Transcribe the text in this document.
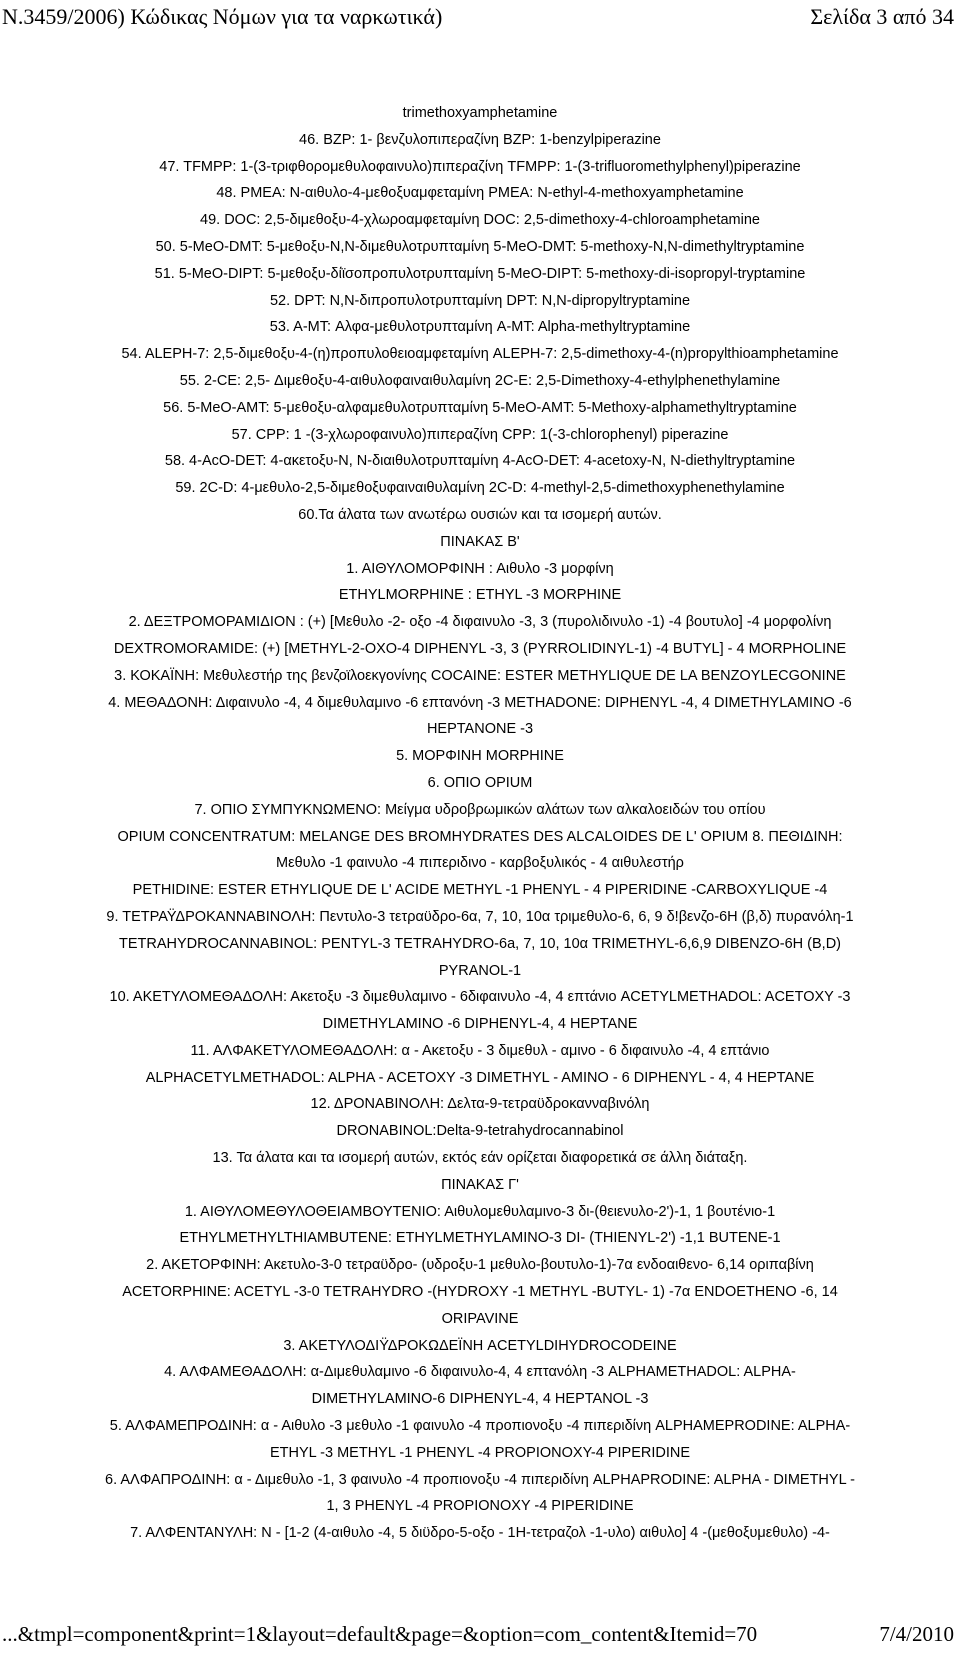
Ν.3459/2006) Κώδικας Νόμων για τα ναρκωτικά)	Σελίδα 3 από 34

trimethoxyamphetamine

46. BZP: 1- βενζυλοπιπεραζίνη BZP: 1-benzylpiperazine

47. TFMPP: 1-(3-τριφθορομεθυλοφαινυλο)πιπεραζίνη TFMPP: 1-(3-trifluoromethylphenyl)piperazine

48. PMEA: N-αιθυλο-4-μεθοξυαμφεταμίνη PMEA: N-ethyl-4-methoxyamphetamine

49. DOC: 2,5-διμεθοξυ-4-χλωροαμφεταμίνη DOC: 2,5-dimethoxy-4-chloroamphetamine

50. 5-MeO-DMT: 5-μεθοξυ-N,N-διμεθυλοτρυπταμίνη 5-MeO-DMT: 5-methoxy-N,N-dimethyltryptamine

51. 5-MeO-DIPT: 5-μεθοξυ-δίϊσοπροπυλοτρυπταμίνη 5-MeO-DIPT: 5-methoxy-di-isopropyl-tryptamine

52. DPT: N,N-διπροπυλοτρυπταμίνη DPT: N,N-dipropyltryptamine

53. A-MT: Αλφα-μεθυλοτρυπταμίνη A-MT: Alpha-methyltryptamine

54. ALEPH-7: 2,5-διμεθοξυ-4-(η)προπυλοθειοαμφεταμίνη ALEPH-7: 2,5-dimethoxy-4-(n)propylthioamphetamine

55. 2-CE: 2,5- Διμεθοξυ-4-αιθυλοφαιναιθυλαμίνη 2C-E: 2,5-Dimethoxy-4-ethylphenethylamine

56. 5-MeO-AMT: 5-μεθοξυ-αλφαμεθυλοτρυπταμίνη 5-MeO-AMT: 5-Methoxy-alphamethyltryptamine

57. CPP: 1 -(3-χλωροφαινυλο)πιπεραζίνη CPP: 1(-3-chlorophenyl) piperazine

58. 4-AcO-DET: 4-ακετοξυ-N, N-διαιθυλοτρυπταμίνη 4-AcO-DET: 4-acetoxy-N, N-diethyltryptamine

59. 2C-D: 4-μεθυλο-2,5-διμεθοξυφαιναιθυλαμίνη 2C-D: 4-methyl-2,5-dimethoxyphenethylamine

60.Τα άλατα των ανωτέρω ουσιών και τα ισομερή αυτών.

ΠΙΝΑΚΑΣ Β'

1. ΑΙΘΥΛΟΜΟΡΦΙΝΗ : Αιθυλο -3 μορφίνη

ETHYLMORPHINE : ETHYL -3 MORPHINE

2. ΔΕΞΤΡΟΜΟΡΑΜΙΔΙΟΝ : (+) [Μεθυλο -2- οξο -4 διφαινυλο -3, 3 (πυρολιδινυλο -1) -4 βουτυλο] -4 μορφολίνη

DEXTROMORAMIDE: (+) [METHYL-2-OXO-4 DIPHENYL -3, 3 (PYRROLIDINYL-1) -4 BUTYL] - 4 MORPHOLINE

3. ΚΟΚΑΪΝΗ: Μεθυλεστήρ της βενζοϊλοεκγονίνης COCAINE: ESTER METHYLIQUE DE LA BENZOYLECGONINE

4. ΜΕΘΑΔΟΝΗ: Διφαινυλο -4, 4 διμεθυλαμινο -6 επτανόνη -3 METHADONE: DIPHENYL -4, 4 DIMETHYLAMINO -6

HEPTANONE -3

5. ΜΟΡΦΙΝΗ MORPHINE

6. ΟΠΙΟ OPIUM

7. ΟΠΙΟ ΣΥΜΠΥΚΝΩΜΕΝΟ: Μείγμα υδροβρωμικών αλάτων των αλκαλοειδών του οπίου

OPIUM CONCENTRATUM: MELANGE DES BROMHYDRATES DES ALCALOIDES DE L' OPIUM 8. ΠΕΘΙΔΙΝΗ:

Μεθυλο -1 φαινυλο -4 πιπεριδινο - καρβοξυλικός - 4 αιθυλεστήρ

PETHIDINE: ESTER ETHYLIQUE DE L' ACIDE METHYL -1 PHENYL - 4 PIPERIDINE -CARBOXYLIQUE -4

9. ΤΕΤΡΑΫΔΡΟΚΑΝΝΑΒΙΝΟΛΗ: Πεντυλο-3 τετραϋδρο-6α, 7, 10, 10α τριμεθυλο-6, 6, 9 δ!βενζο-6Η (β,δ) πυρανόλη-1

TETRAHYDROCANNABINOL: PENTYL-3 TETRAHYDRO-6a, 7, 10, 10α TRIMETHYL-6,6,9 DIBENZO-6H (B,D)

PYRANOL-1

10. ΑΚΕΤΥΛΟΜΕΘΑΔΟΛΗ: Ακετοξυ -3 διμεθυλαμινο - 6διφαινυλο -4, 4 επτάνιο ACETYLMETHADOL: ACETOXY -3

DIMETHYLAMINO -6 DIPHENYL-4, 4 HEPTANE

11. ΑΛΦΑΚΕΤΥΛΟΜΕΘΑΔΟΛΗ: α - Ακετοξυ - 3 διμεθυλ - αμινο - 6 διφαινυλο -4, 4 επτάνιο

ALPHACETYLMETHADOL: ALPHA - ACETOXY -3 DIMETHYL - AMINO - 6 DIPHENYL - 4, 4 HEPTANE

12. ΔΡΟΝΑΒΙΝΟΛΗ: Δελτα-9-τετραϋδροκανναβινόλη

DRONABINOL:Delta-9-tetrahydrocannabinol

13. Τα άλατα και τα ισομερή αυτών, εκτός εάν ορίζεται διαφορετικά σε άλλη διάταξη.

ΠΙΝΑΚΑΣ Γ'

1. ΑΙΘΥΛΟΜΕΘΥΛΟΘΕΙΑΜΒΟΥΤΕΝΙΟ: Αιθυλομεθυλαμινο-3 δι-(θειενυλο-2')-1, 1 βουτένιο-1

ETHYLMETHYLTHIAMBUTENE: ETHYLMETHYLAMINO-3 DI- (THIENYL-2') -1,1 BUTENE-1

2. ΑΚΕΤΟΡΦΙΝΗ: Ακετυλο-3-0 τετραϋδρο- (υδροξυ-1 μεθυλο-βουτυλο-1)-7α ενδοαιθενο- 6,14 οριπαβίνη

ACETORPHINE: ACETYL -3-0 TETRAHYDRO -(HYDROXY -1 METHYL -BUTYL- 1) -7α ENDOETHENO -6, 14

ORIPAVINE

3. ΑΚΕΤΥΛΟΔΙΫΔΡΟΚΩΔΕΪΝΗ ACETYLDIHYDROCODEINE

4. ΑΛΦΑΜΕΘΑΔΟΛΗ: α-Διμεθυλαμινο -6 διφαινυλο-4, 4 επτανόλη -3 ALPHAMETHADOL: ALPHA-

DIMETHYLAMINO-6 DIPHENYL-4, 4 HEPTANOL -3

5. ΑΛΦΑΜΕΠΡΟΔΙΝΗ: α - Αιθυλο -3 μεθυλο -1 φαινυλο -4 προπιονοξυ -4 πιπεριδίνη ALPHAMEPRODINE: ALPHA-

ETHYL -3 METHYL -1 PHENYL -4 PROPIONOXY-4 PIPERIDINE

6. ΑΛΦΑΠΡΟΔΙΝΗ: α - Διμεθυλο -1, 3 φαινυλο -4 προπιονοξυ -4 πιπεριδίνη ALPHAPRODINE: ALPHA - DIMETHYL -

1, 3 PHENYL -4 PROPIONOXY -4 PIPERIDINE

7. ΑΛΦΕΝΤΑΝΥΛΗ: Ν - [1-2 (4-αιθυλο -4, 5 διϋδρο-5-οξο - 1Η-τετραζολ -1-υλο) αιθυλο] 4 -(μεθοξυμεθυλο) -4-

...&tmpl=component&print=1&layout=default&page=&option=com_content&Itemid=70	7/4/2010
